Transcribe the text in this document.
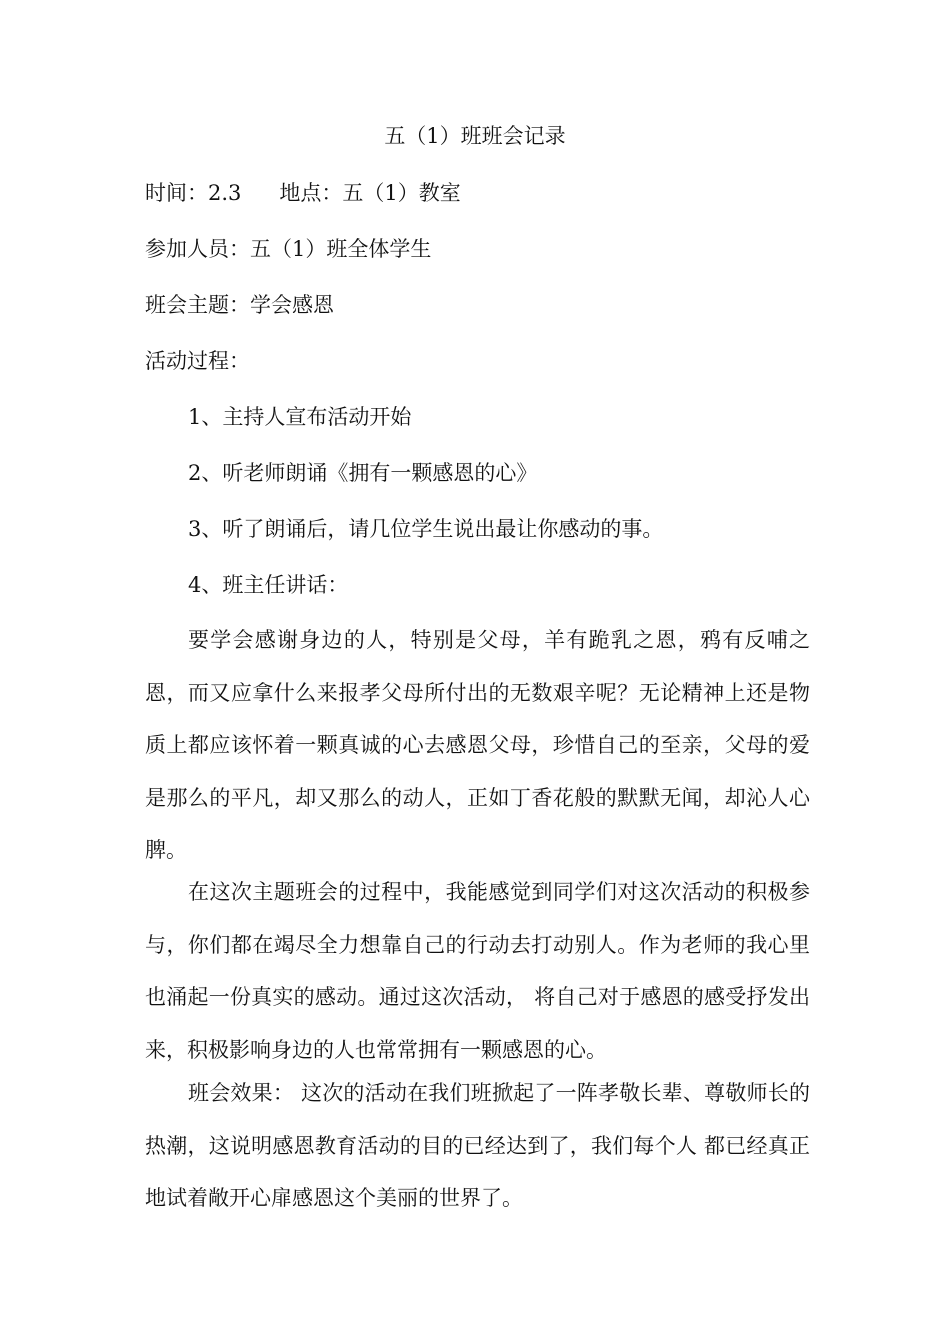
五（1）班班会记录
时间：2.3 地点：五（1）教室
参加人员：五（1）班全体学生
班会主题：学会感恩
活动过程：
1、主持人宣布活动开始
2、听老师朗诵《拥有一颗感恩的心》
3、听了朗诵后，请几位学生说出最让你感动的事。
4、班主任讲话：
要学会感谢身边的人，特别是父母，羊有跪乳之恩，鸦有反哺之恩，而又应拿什么来报孝父母所付出的无数艰辛呢？无论精神上还是物质上都应该怀着一颗真诚的心去感恩父母，珍惜自己的至亲，父母的爱是那么的平凡，却又那么的动人，正如丁香花般的默默无闻，却沁人心脾。
在这次主题班会的过程中，我能感觉到同学们对这次活动的积极参与，你们都在竭尽全力想靠自己的行动去打动别人。作为老师的我心里也涌起一份真实的感动。通过这次活动， 将自己对于感恩的感受抒发出来，积极影响身边的人也常常拥有一颗感恩的心。
班会效果： 这次的活动在我们班掀起了一阵孝敬长辈、尊敬师长的 热潮，这说明感恩教育活动的目的已经达到了，我们每个人 都已经真正地试着敞开心扉感恩这个美丽的世界了。
